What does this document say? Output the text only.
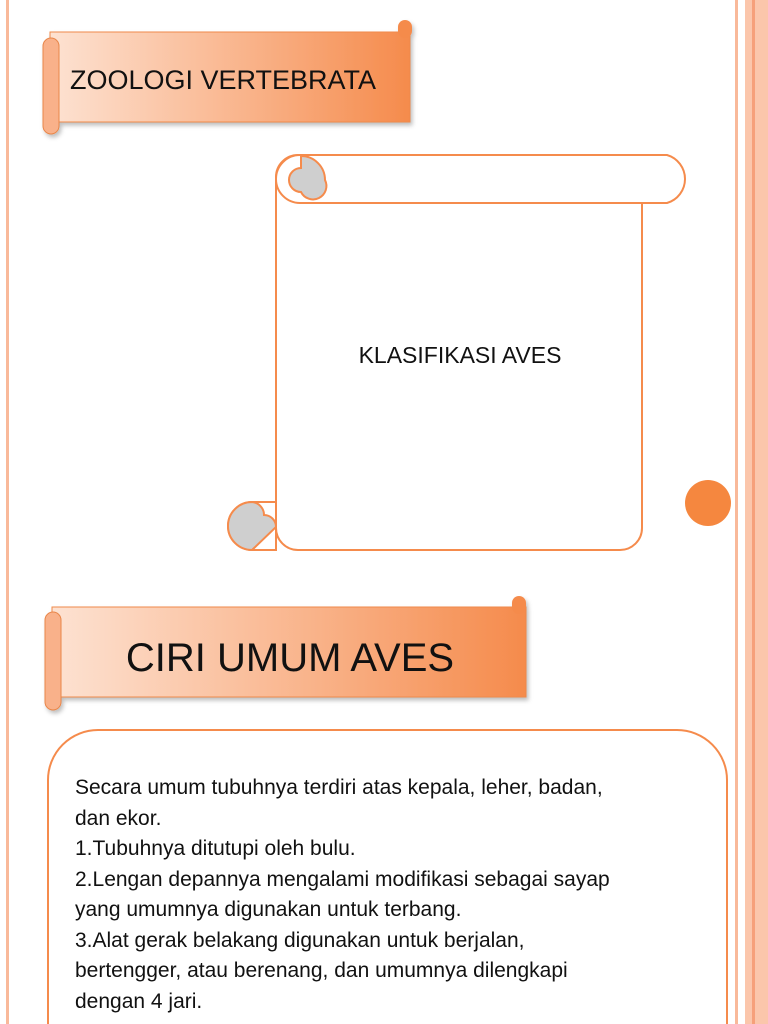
ZOOLOGI VERTEBRATA
KLASIFIKASI AVES
CIRI UMUM AVES
Secara umum tubuhnya terdiri atas kepala, leher, badan,
dan ekor.
1.Tubuhnya ditutupi oleh bulu.
2.Lengan depannya mengalami modifikasi sebagai sayap
yang umumnya digunakan untuk terbang.
3.Alat gerak belakang digunakan untuk berjalan,
bertengger, atau berenang, dan umumnya dilengkapi
dengan 4 jari.
